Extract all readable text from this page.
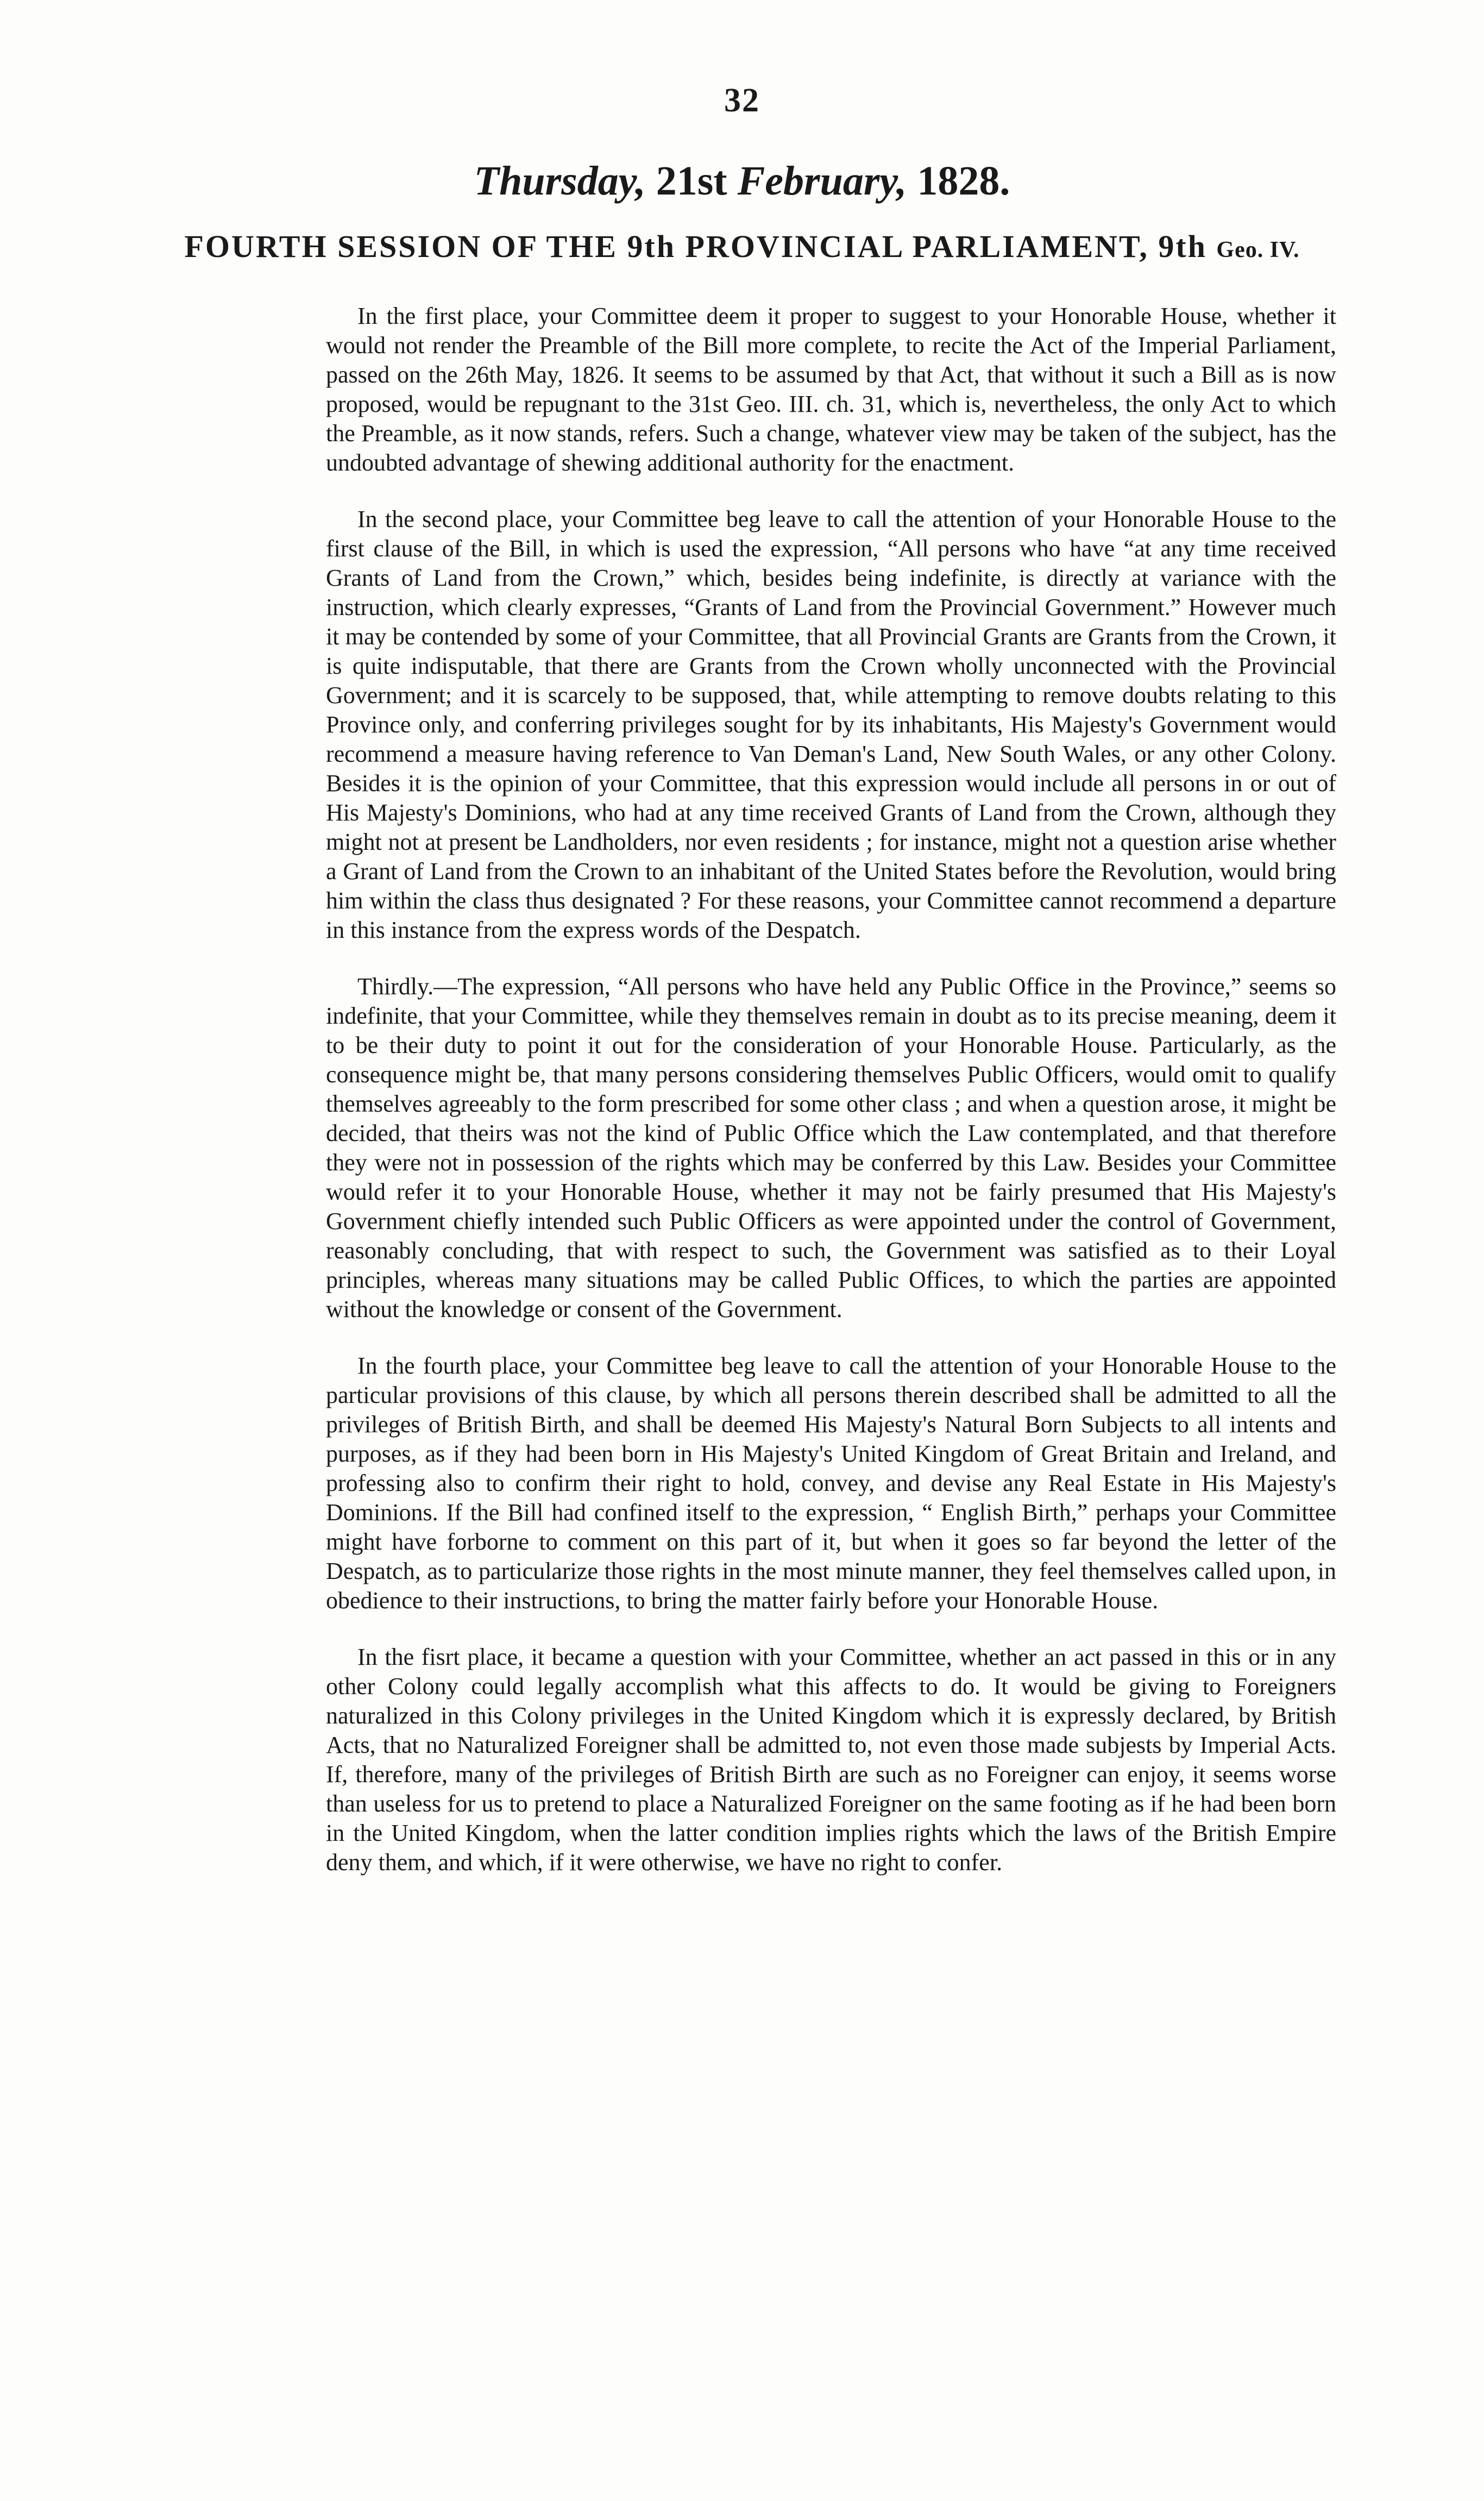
32
Thursday, 21st February, 1828.
FOURTH SESSION OF THE 9th PROVINCIAL PARLIAMENT, 9th Geo. IV.

In the first place, your Committee deem it proper to suggest to your Honorable House, whether it would not render the Preamble of the Bill more complete, to recite the Act of the Imperial Parliament, passed on the 26th May, 1826. It seems to be assumed by that Act, that without it such a Bill as is now proposed, would be repugnant to the 31st Geo. III. ch. 31, which is, nevertheless, the only Act to which the Preamble, as it now stands, refers. Such a change, whatever view may be taken of the subject, has the undoubted advantage of shewing additional authority for the enactment.

In the second place, your Committee beg leave to call the attention of your Honorable House to the first clause of the Bill, in which is used the expression, “All persons who have “at any time received Grants of Land from the Crown,” which, besides being indefinite, is directly at variance with the instruction, which clearly expresses, “Grants of Land from the Provincial Government.” However much it may be contended by some of your Committee, that all Provincial Grants are Grants from the Crown, it is quite indisputable, that there are Grants from the Crown wholly unconnected with the Provincial Government; and it is scarcely to be supposed, that, while attempting to remove doubts relating to this Province only, and conferring privileges sought for by its inhabitants, His Majesty's Government would recommend a measure having reference to Van Deman's Land, New South Wales, or any other Colony. Besides it is the opinion of your Committee, that this expression would include all persons in or out of His Majesty's Dominions, who had at any time received Grants of Land from the Crown, although they might not at present be Landholders, nor even residents ; for instance, might not a question arise whether a Grant of Land from the Crown to an inhabitant of the United States before the Revolution, would bring him within the class thus designated ? For these reasons, your Committee cannot recommend a departure in this instance from the express words of the Despatch.

Thirdly.—The expression, “All persons who have held any Public Office in the Province,” seems so indefinite, that your Committee, while they themselves remain in doubt as to its precise meaning, deem it to be their duty to point it out for the consideration of your Honorable House. Particularly, as the consequence might be, that many persons considering themselves Public Officers, would omit to qualify themselves agreeably to the form prescribed for some other class ; and when a question arose, it might be decided, that theirs was not the kind of Public Office which the Law contemplated, and that therefore they were not in possession of the rights which may be conferred by this Law. Besides your Committee would refer it to your Honorable House, whether it may not be fairly presumed that His Majesty's Government chiefly intended such Public Officers as were appointed under the control of Government, reasonably concluding, that with respect to such, the Government was satisfied as to their Loyal principles, whereas many situations may be called Public Offices, to which the parties are appointed without the knowledge or consent of the Government.

In the fourth place, your Committee beg leave to call the attention of your Honorable House to the particular provisions of this clause, by which all persons therein described shall be admitted to all the privileges of British Birth, and shall be deemed His Majesty's Natural Born Subjects to all intents and purposes, as if they had been born in His Majesty's United Kingdom of Great Britain and Ireland, and professing also to confirm their right to hold, convey, and devise any Real Estate in His Majesty's Dominions. If the Bill had confined itself to the expression, “ English Birth,” perhaps your Committee might have forborne to comment on this part of it, but when it goes so far beyond the letter of the Despatch, as to particularize those rights in the most minute manner, they feel themselves called upon, in obedience to their instructions, to bring the matter fairly before your Honorable House.

In the fisrt place, it became a question with your Committee, whether an act passed in this or in any other Colony could legally accomplish what this affects to do. It would be giving to Foreigners naturalized in this Colony privileges in the United Kingdom which it is expressly declared, by British Acts, that no Naturalized Foreigner shall be admitted to, not even those made subjests by Imperial Acts. If, therefore, many of the privileges of British Birth are such as no Foreigner can enjoy, it seems worse than useless for us to pretend to place a Naturalized Foreigner on the same footing as if he had been born in the United Kingdom, when the latter condition implies rights which the laws of the British Empire deny them, and which, if it were otherwise, we have no right to confer.
